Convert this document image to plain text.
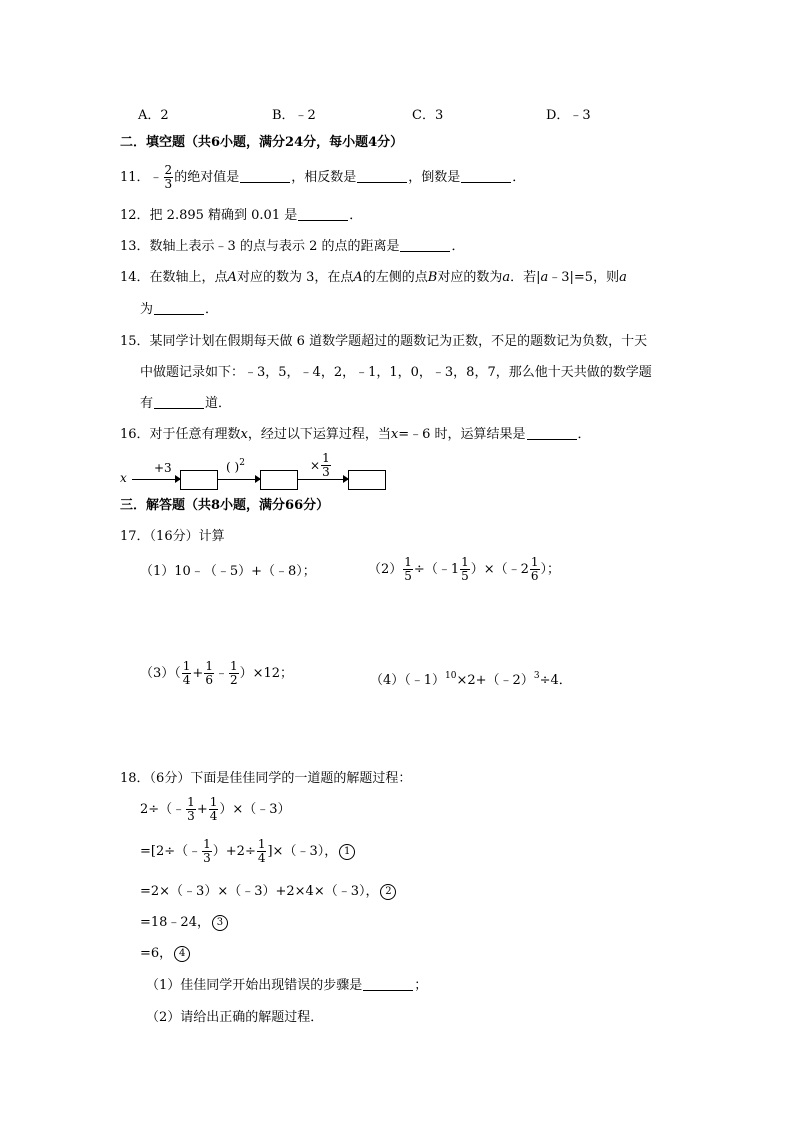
A．2	B．﹣2	C．3	D．﹣3
二．填空题（共6小题，满分24分，每小题4分）
11．﹣ $\frac{2}{3}$ 的绝对值是	，相反数是	，倒数是	．
12．把 2.895 精确到 0.01 是	．
13．数轴上表示﹣3 的点与表示 2 的点的距离是	．
14．在数轴上，点A对应的数为 3，在点A的左侧的点B对应的数为a．若|a﹣3|=5，则a
为	．
15．某同学计划在假期每天做 6 道数学题超过的题数记为正数，不足的题数记为负数，十天
中做题记录如下：﹣3，5，﹣4，2，﹣1，1，0，﹣3，8，7，那么他十天共做的数学题
有	道．
16．对于任意有理数x，经过以下运算过程，当x=﹣6 时，运算结果是	．
x
+3	( )$^2$	× $\frac{1}{3}$
三．解答题（共8小题，满分66分）
17．（16分）计算
（1）10﹣（﹣5）+（﹣8）；	$(2) \frac{1}{5}$ ÷（﹣1 $\frac{1}{5}$ ）×（﹣2 $\frac{1}{6}$ ）；
$(3)( \frac{1}{4} + \frac{1}{6}$ ﹣ $\frac{1}{2} )\times 12$；	（4）（﹣1）$^{10}$×2+（﹣2）$^3$÷4．
18．（6分）下面是佳佳同学的一道题的解题过程：
2÷（﹣ $\frac{1}{3} + \frac{1}{4}$ ）×（﹣3）
=[2÷（﹣ $\frac{1}{3} )+2\div \frac{1}{4}$ ]×（﹣3）， 1
=2×（﹣3）×（﹣3）+2×4×（﹣3）， 2
=18﹣24， 3
=6， 4
（1）佳佳同学开始出现错误的步骤是	；
（2）请给出正确的解题过程．
